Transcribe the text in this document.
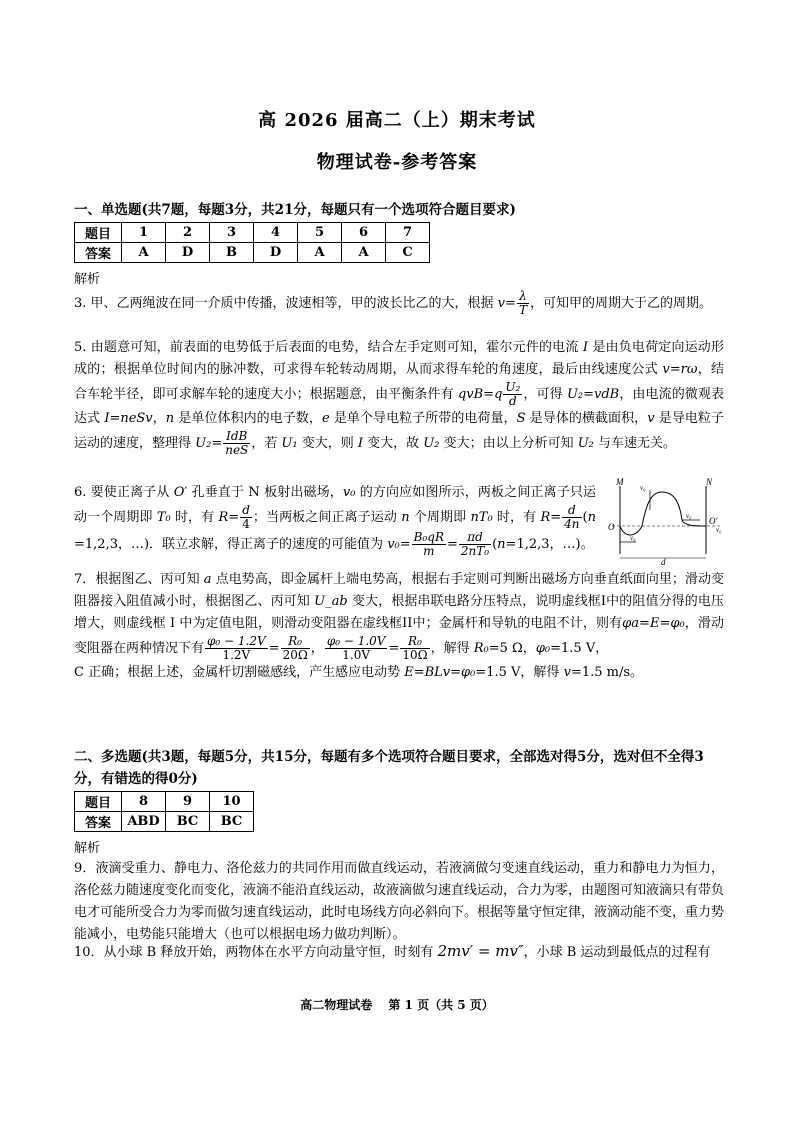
高 2026 届高二（上）期末考试
物理试卷-参考答案
一、单选题(共7题，每题3分，共21分，每题只有一个选项符合题目要求)
题目	1	2	3	4	5	6	7
答案	A	D	B	D	A	A	C
解析
3. 甲、乙两绳波在同一介质中传播，波速相等，甲的波长比乙的大，根据 $v= \frac{\lambda}{T}$ ，可知甲的周期大于乙的周期。
5. 由题意可知，前表面的电势低于后表面的电势，结合左手定则可知，霍尔元件的电流 I 是由负电荷定向运动形成的；根据单位时间内的脉冲数，可求得车轮转动周期，从而求得车轮的角速度，最后由线速度公式 v=rω，结合车轮半径，即可求解车轮的速度大小；根据题意，由平衡条件有 $qvB=q \frac{\text{U₂}}{d}$ ，可得 U₂=vdB，由电流的微观表达式 I=neSv，n 是单位体积内的电子数，e 是单个导电粒子所带的电荷量，S 是导体的横截面积，v 是导电粒子运动的速度，整理得 $U_2= \frac{\text{IdB}}{\text{neS}}$ ，若 U₁ 变大，则 I 变大，故 U₂ 变大；由以上分析可知 U₂ 与车速无关。
6. 要使正离子从 O′ 孔垂直于 N 板射出磁场，v₀ 的方向应如图所示，两板之间正离子只运动一个周期即 T₀ 时，有 $R= \frac{d}{4}$ ；当两板之间正离子运动 n 个周期即 nT₀ 时，有 $R= \frac{d}{4n} (n =1,2,3$，…)．联立求解，得正离子的速度的可能值为 $v_0= \frac{\text{B₀qR}}{m} = \frac{\pi d}{\text{2nT₀}} (n=1,2,3$，…)。
M	N
O
O′
v₀
v₀
v₀
v₀
d
7．根据图乙、丙可知 a 点电势高，即金属杆上端电势高，根据右手定则可判断出磁场方向垂直纸面向里；滑动变阻器接入阻值减小时，根据图乙、丙可知 U_ab 变大，根据串联电路分压特点，说明虚线框I中的阻值分得的电压增大，则虚线框 I 中为定值电阻，则滑动变阻器在虚线框II中；金属杆和导轨的电阻不计，则有φa=E=φ₀，滑动变阻器在两种情况下有 $\frac{\text{φ₀ − 1.2V}}{1.2V} = \frac{\text{R₀}}{20\Omega}$ ， $\frac{\text{φ₀ − 1.0V}}{1.0V} = \frac{\text{R₀}}{10\Omega}$ ，解得 R₀=5 Ω，φ₀=1.5 V，
C 正确；根据上述，金属杆切割磁感线，产生感应电动势 E=BLv=φ₀=1.5 V，解得 v=1.5 m/s。
二、多选题(共3题，每题5分，共15分，每题有多个选项符合题目要求，全部选对得5分，选对但不全得3分，有错选的得0分)
题目	8	9	10
答案	ABD	BC	BC
解析
9．液滴受重力、静电力、洛伦兹力的共同作用而做直线运动，若液滴做匀变速直线运动，重力和静电力为恒力，洛伦兹力随速度变化而变化，液滴不能沿直线运动，故液滴做匀速直线运动，合力为零，由题图可知液滴只有带负电才可能所受合力为零而做匀速直线运动，此时电场线方向必斜向下。根据等量守恒定律，液滴动能不变，重力势能减小，电势能只能增大（也可以根据电场力做功判断）。
10．从小球 B 释放开始，两物体在水平方向动量守恒，时刻有 2mv′ = mv″，小球 B 运动到最低点的过程有
高二物理试卷　 第 1 页（共 5 页）
